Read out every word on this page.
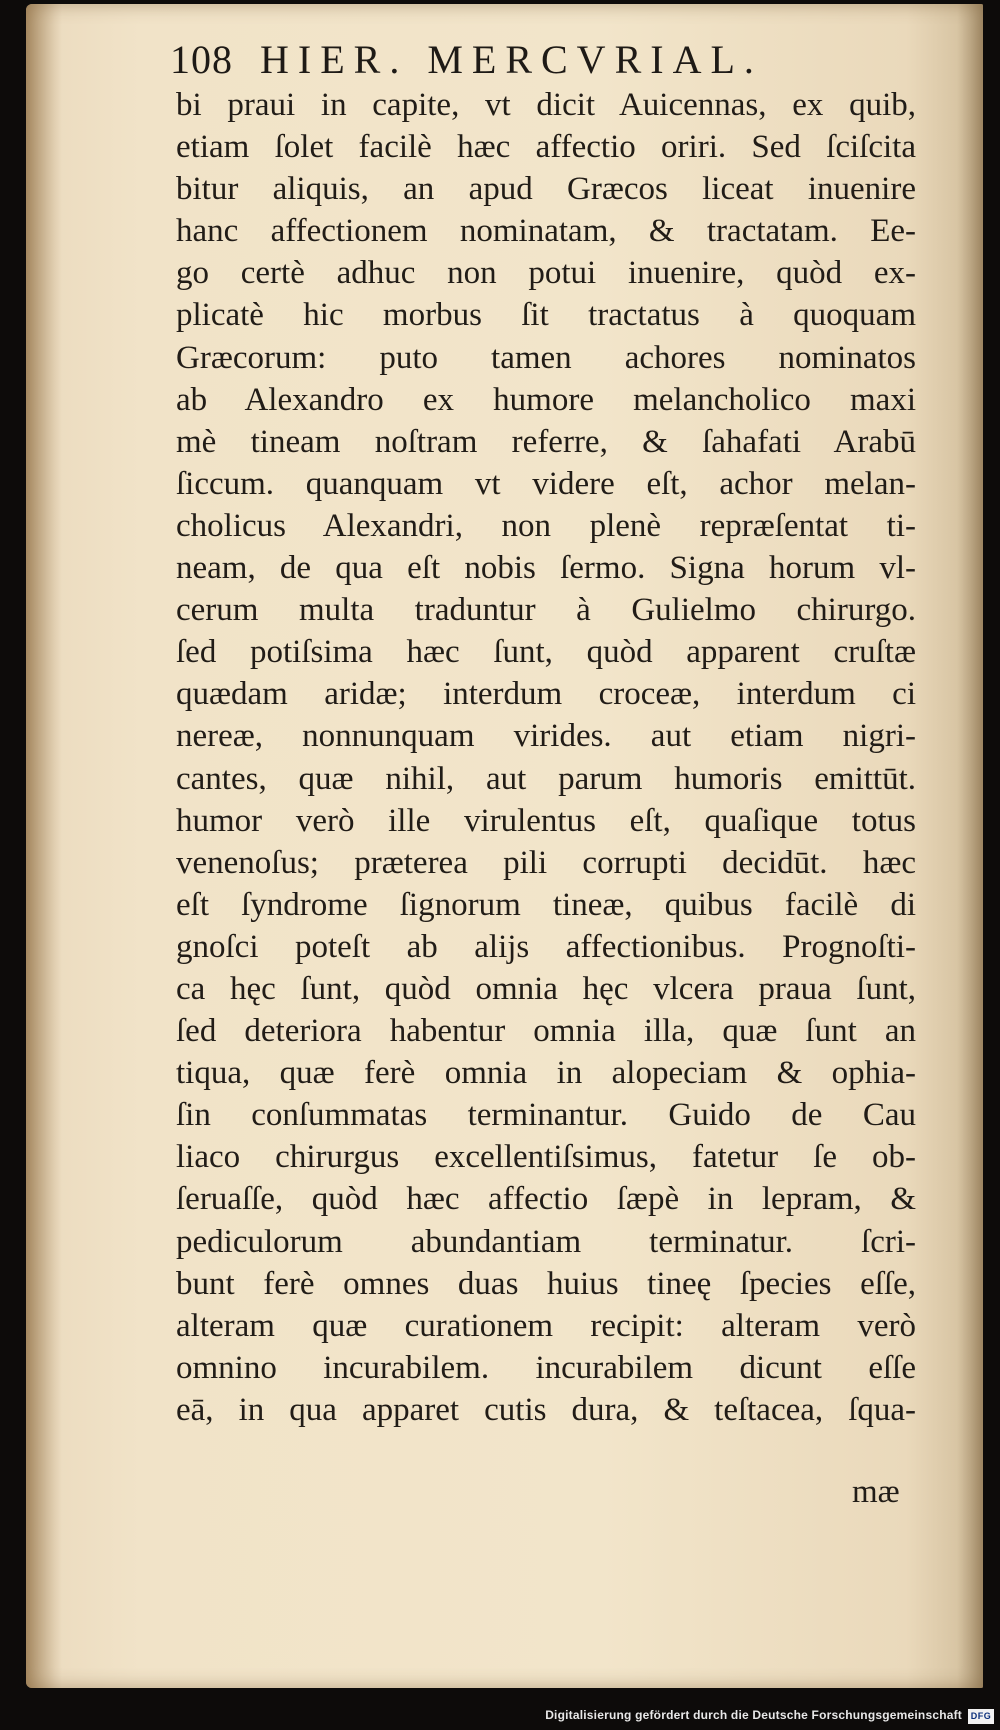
108 HIER. MERCVRIAL.
bi praui in capite, vt dicit Auicennas, ex quib,
etiam ſolet facilè hæc affectio oriri. Sed ſciſcita
bitur aliquis, an apud Græcos liceat inuenire
hanc affectionem nominatam, & tractatam. Ee-
go certè adhuc non potui inuenire, quòd ex-
plicatè hic morbus ſit tractatus à quoquam
Græcorum: puto tamen achores nominatos
ab Alexandro ex humore melancholico maxi
mè tineam noſtram referre, & ſahafati Arabū
ſiccum. quanquam vt videre eſt, achor melan-
cholicus Alexandri, non plenè repræſentat ti-
neam, de qua eſt nobis ſermo. Signa horum vl-
cerum multa traduntur à Gulielmo chirurgo.
ſed potiſsima hæc ſunt, quòd apparent cruſtæ
quædam aridæ; interdum croceæ, interdum ci
nereæ, nonnunquam virides. aut etiam nigri-
cantes, quæ nihil, aut parum humoris emittūt.
humor verò ille virulentus eſt, quaſique totus
venenoſus; præterea pili corrupti decidūt. hæc
eſt ſyndrome ſignorum tineæ, quibus facilè di
gnoſci poteſt ab alijs affectionibus. Prognoſti-
ca hęc ſunt, quòd omnia hęc vlcera praua ſunt,
ſed deteriora habentur omnia illa, quæ ſunt an
tiqua, quæ ferè omnia in alopeciam & ophia-
ſin conſummatas terminantur. Guido de Cau
liaco chirurgus excellentiſsimus, fatetur ſe ob-
ſeruaſſe, quòd hæc affectio ſæpè in lepram, &
pediculorum abundantiam terminatur. ſcri-
bunt ferè omnes duas huius tineę ſpecies eſſe,
alteram quæ curationem recipit: alteram verò
omnino incurabilem. incurabilem dicunt eſſe
eā, in qua apparet cutis dura, & teſtacea, ſqua-
mæ
Digitalisierung gefördert durch die Deutsche Forschungsgemeinschaft DFG
